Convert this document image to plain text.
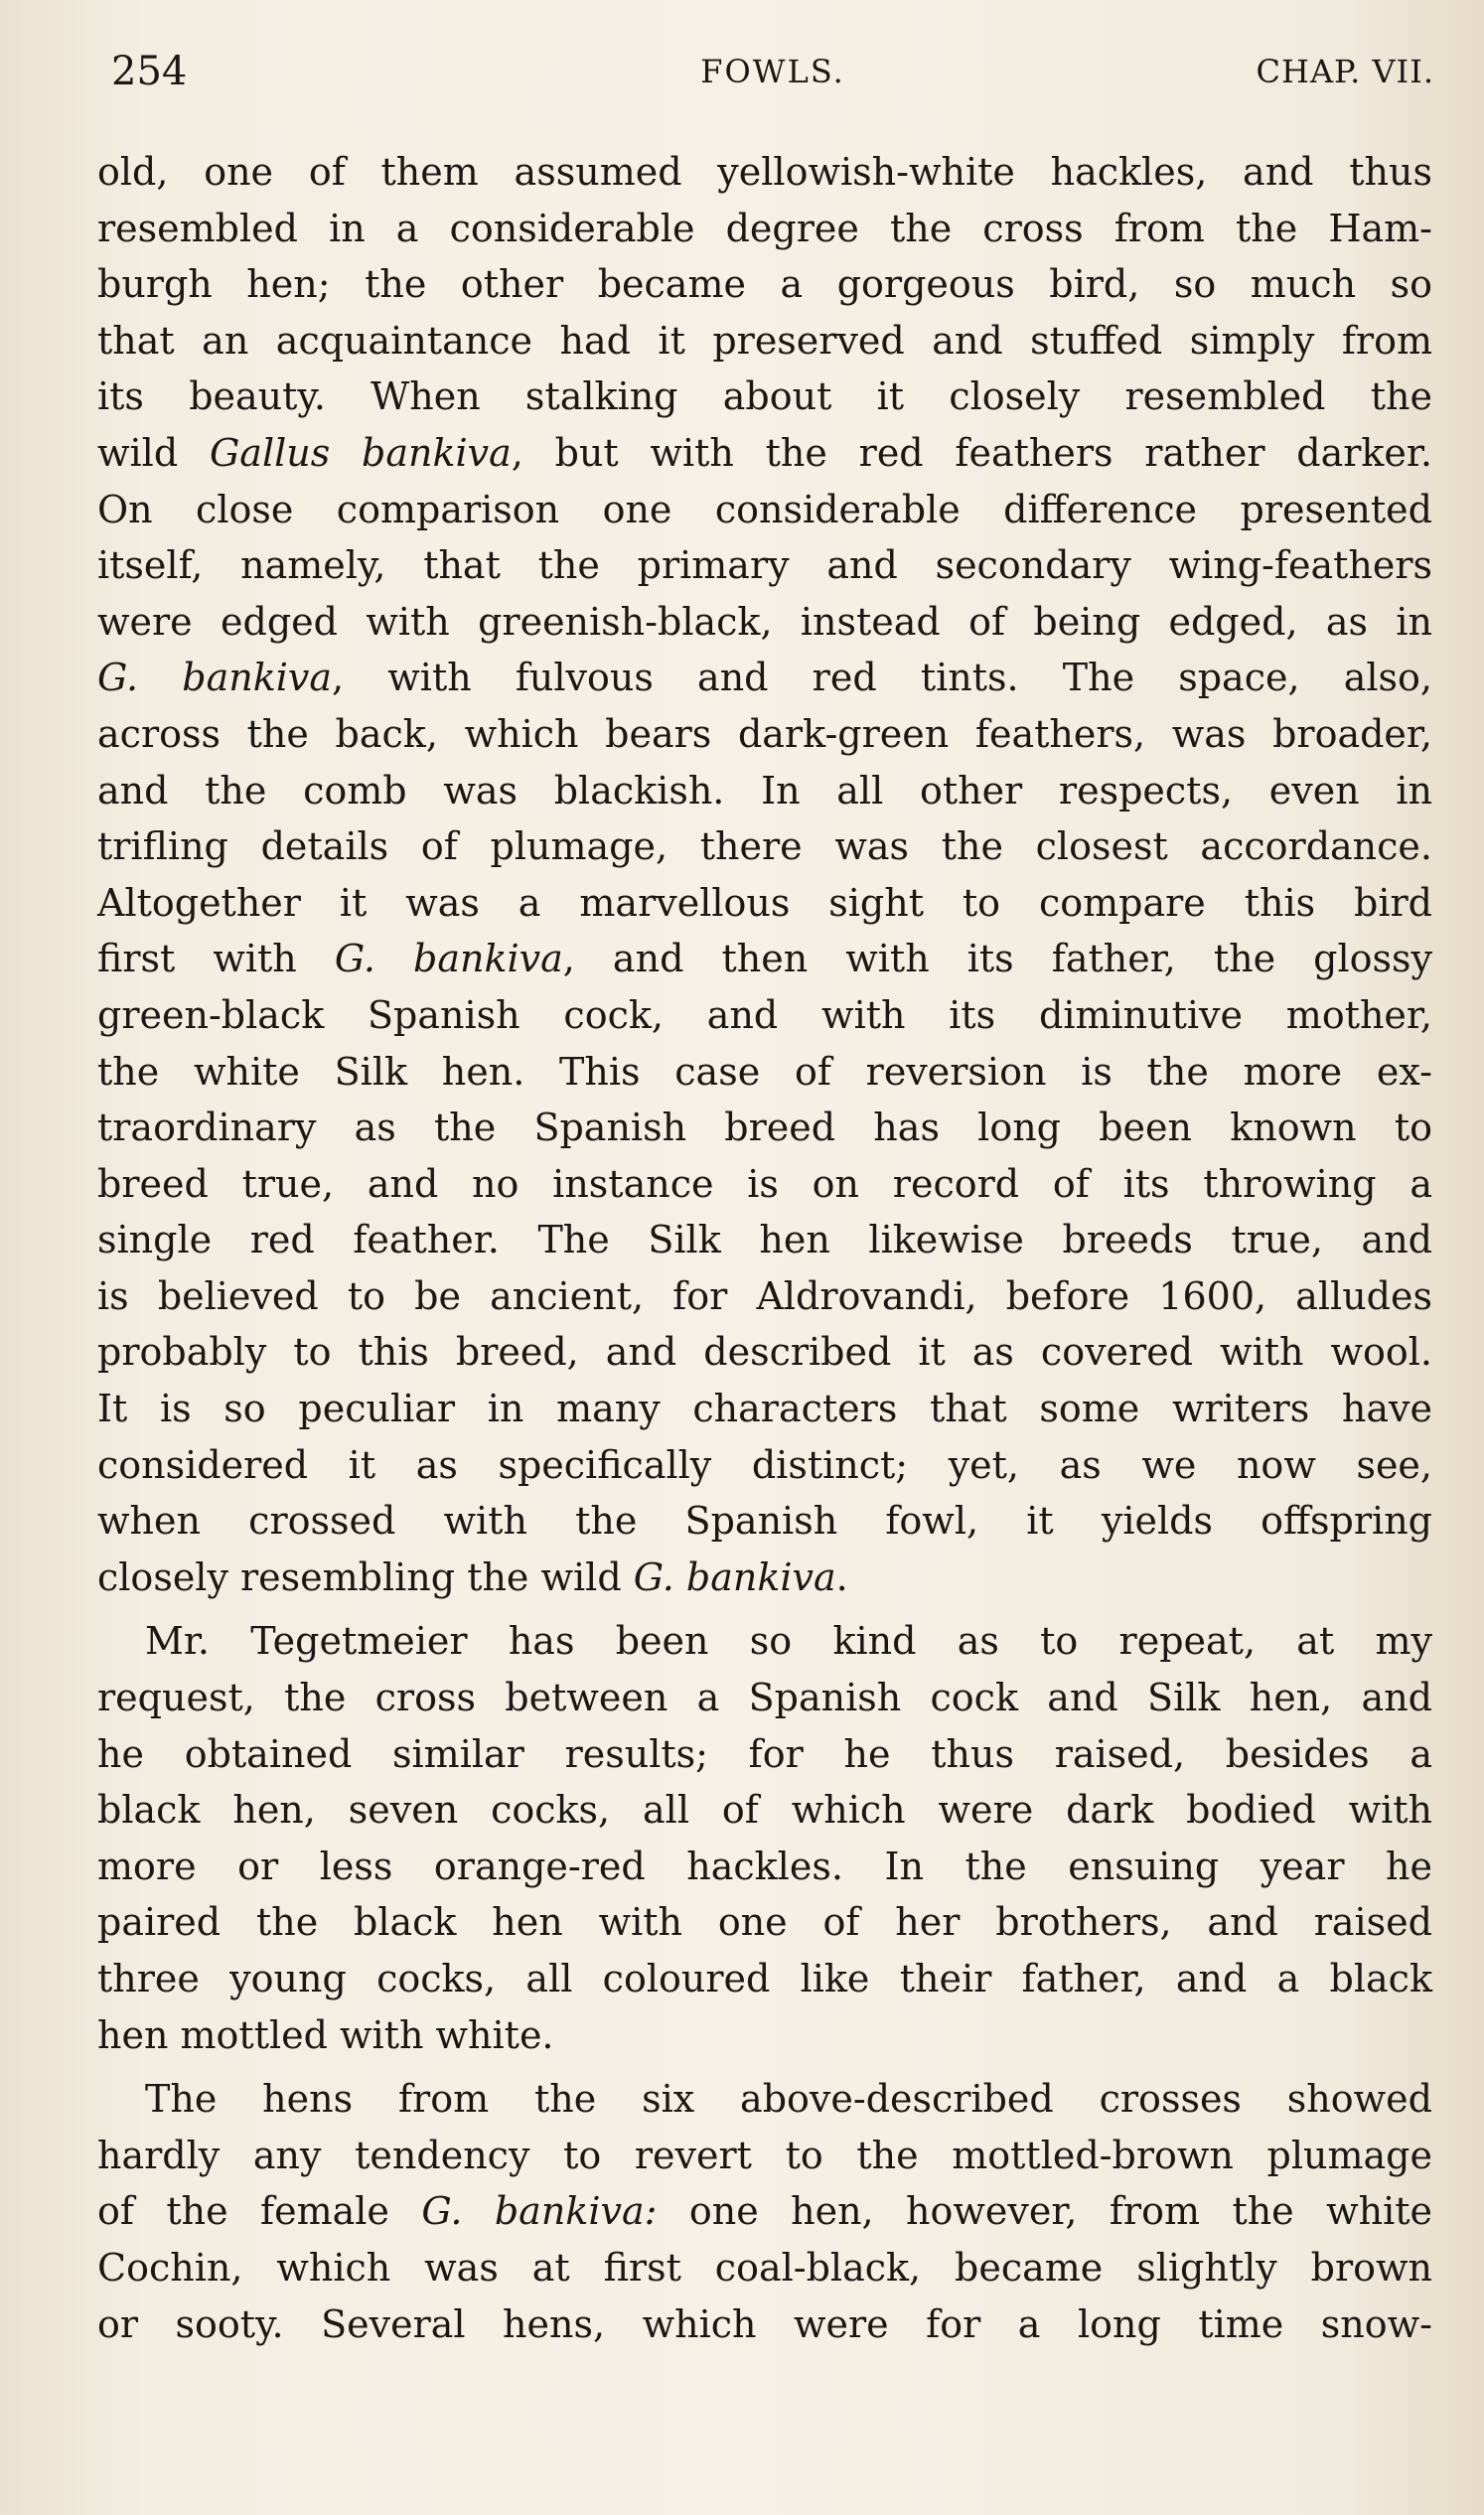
254	FOWLS.	CHAP. VII.
old, one of them assumed yellowish-white hackles, and thus
resembled in a considerable degree the cross from the Ham-
burgh hen; the other became a gorgeous bird, so much so
that an acquaintance had it preserved and stuffed simply from
its beauty. When stalking about it closely resembled the
wild Gallus bankiva, but with the red feathers rather darker.
On close comparison one considerable difference presented
itself, namely, that the primary and secondary wing-feathers
were edged with greenish-black, instead of being edged, as in
G. bankiva, with fulvous and red tints. The space, also,
across the back, which bears dark-green feathers, was broader,
and the comb was blackish. In all other respects, even in
trifling details of plumage, there was the closest accordance.
Altogether it was a marvellous sight to compare this bird
first with G. bankiva, and then with its father, the glossy
green-black Spanish cock, and with its diminutive mother,
the white Silk hen. This case of reversion is the more ex-
traordinary as the Spanish breed has long been known to
breed true, and no instance is on record of its throwing a
single red feather. The Silk hen likewise breeds true, and
is believed to be ancient, for Aldrovandi, before 1600, alludes
probably to this breed, and described it as covered with wool.
It is so peculiar in many characters that some writers have
considered it as specifically distinct; yet, as we now see,
when crossed with the Spanish fowl, it yields offspring
closely resembling the wild G. bankiva.
Mr. Tegetmeier has been so kind as to repeat, at my
request, the cross between a Spanish cock and Silk hen, and
he obtained similar results; for he thus raised, besides a
black hen, seven cocks, all of which were dark bodied with
more or less orange-red hackles. In the ensuing year he
paired the black hen with one of her brothers, and raised
three young cocks, all coloured like their father, and a black
hen mottled with white.
The hens from the six above-described crosses showed
hardly any tendency to revert to the mottled-brown plumage
of the female G. bankiva: one hen, however, from the white
Cochin, which was at first coal-black, became slightly brown
or sooty. Several hens, which were for a long time snow-
